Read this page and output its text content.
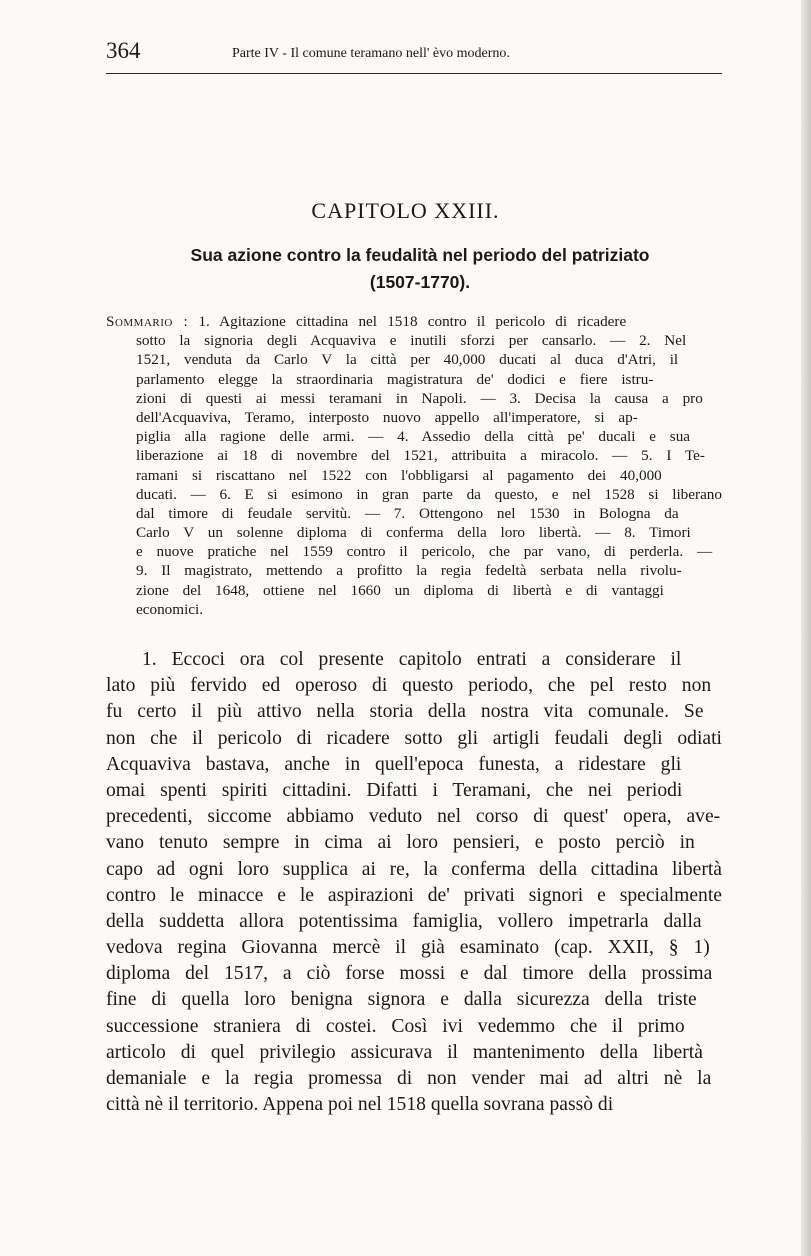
364	Parte IV - Il comune teramano nell' èvo moderno.
CAPITOLO XXIII.
Sua azione contro la feudalità nel periodo del patriziato
(1507-1770).
Sommario : 1. Agitazione cittadina nel 1518 contro il pericolo di ricadere
sotto la signoria degli Acquaviva e inutili sforzi per cansarlo. — 2. Nel
1521, venduta da Carlo V la città per 40,000 ducati al duca d'Atri, il
parlamento elegge la straordinaria magistratura de' dodici e fiere istru-
zioni di questi ai messi teramani in Napoli. — 3. Decisa la causa a pro
dell'Acquaviva, Teramo, interposto nuovo appello all'imperatore, si ap-
piglia alla ragione delle armi. — 4. Assedio della città pe' ducali e sua
liberazione ai 18 di novembre del 1521, attribuita a miracolo. — 5. I Te-
ramani si riscattano nel 1522 con l'obbligarsi al pagamento dei 40,000
ducati. — 6. E si esimono in gran parte da questo, e nel 1528 si liberano
dal timore di feudale servitù. — 7. Ottengono nel 1530 in Bologna da
Carlo V un solenne diploma di conferma della loro libertà. — 8. Timori
e nuove pratiche nel 1559 contro il pericolo, che par vano, di perderla. —
9. Il magistrato, mettendo a profitto la regia fedeltà serbata nella rivolu-
zione del 1648, ottiene nel 1660 un diploma di libertà e di vantaggi
economici.
1. Eccoci ora col presente capitolo entrati a considerare il
lato più fervido ed operoso di questo periodo, che pel resto non
fu certo il più attivo nella storia della nostra vita comunale. Se
non che il pericolo di ricadere sotto gli artigli feudali degli odiati
Acquaviva bastava, anche in quell'epoca funesta, a ridestare gli
omai spenti spiriti cittadini. Difatti i Teramani, che nei periodi
precedenti, siccome abbiamo veduto nel corso di quest' opera, ave-
vano tenuto sempre in cima ai loro pensieri, e posto perciò in
capo ad ogni loro supplica ai re, la conferma della cittadina libertà
contro le minacce e le aspirazioni de' privati signori e specialmente
della suddetta allora potentissima famiglia, vollero impetrarla dalla
vedova regina Giovanna mercè il già esaminato (cap. XXII, § 1)
diploma del 1517, a ciò forse mossi e dal timore della prossima
fine di quella loro benigna signora e dalla sicurezza della triste
successione straniera di costei. Così ivi vedemmo che il primo
articolo di quel privilegio assicurava il mantenimento della libertà
demaniale e la regia promessa di non vender mai ad altri nè la
città nè il territorio. Appena poi nel 1518 quella sovrana passò di
